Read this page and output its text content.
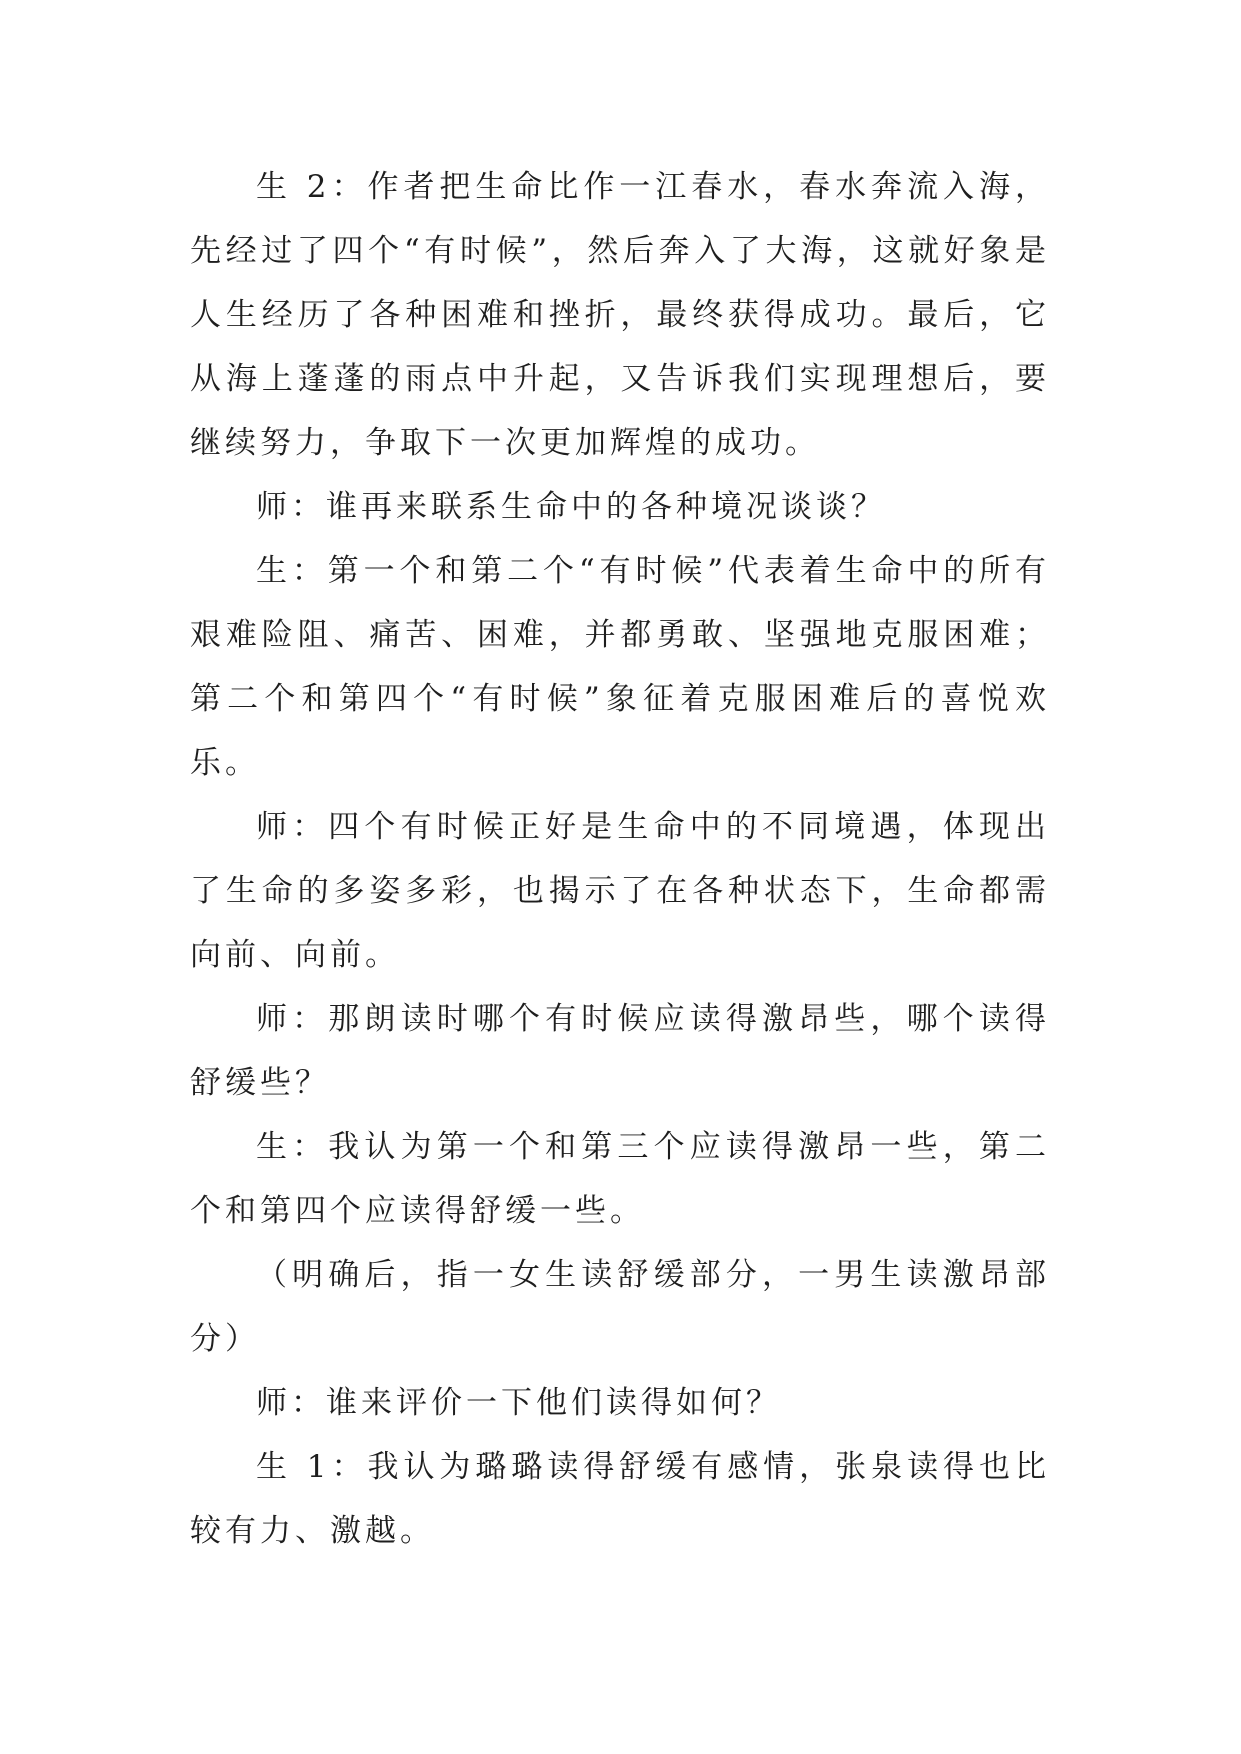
生 2：作者把生命比作一江春水，春水奔流入海，先经过了四个“有时候”，然后奔入了大海，这就好象是人生经历了各种困难和挫折，最终获得成功。最后，它从海上蓬蓬的雨点中升起，又告诉我们实现理想后，要继续努力，争取下一次更加辉煌的成功。

师：谁再来联系生命中的各种境况谈谈？

生：第一个和第二个“有时候”代表着生命中的所有艰难险阻、痛苦、困难，并都勇敢、坚强地克服困难；第二个和第四个“有时候”象征着克服困难后的喜悦欢乐。

师：四个有时候正好是生命中的不同境遇，体现出了生命的多姿多彩，也揭示了在各种状态下，生命都需向前、向前。

师：那朗读时哪个有时候应读得激昂些，哪个读得舒缓些？

生：我认为第一个和第三个应读得激昂一些，第二个和第四个应读得舒缓一些。

（明确后，指一女生读舒缓部分，一男生读激昂部分）

师：谁来评价一下他们读得如何？

生 1：我认为璐璐读得舒缓有感情，张泉读得也比较有力、激越。
